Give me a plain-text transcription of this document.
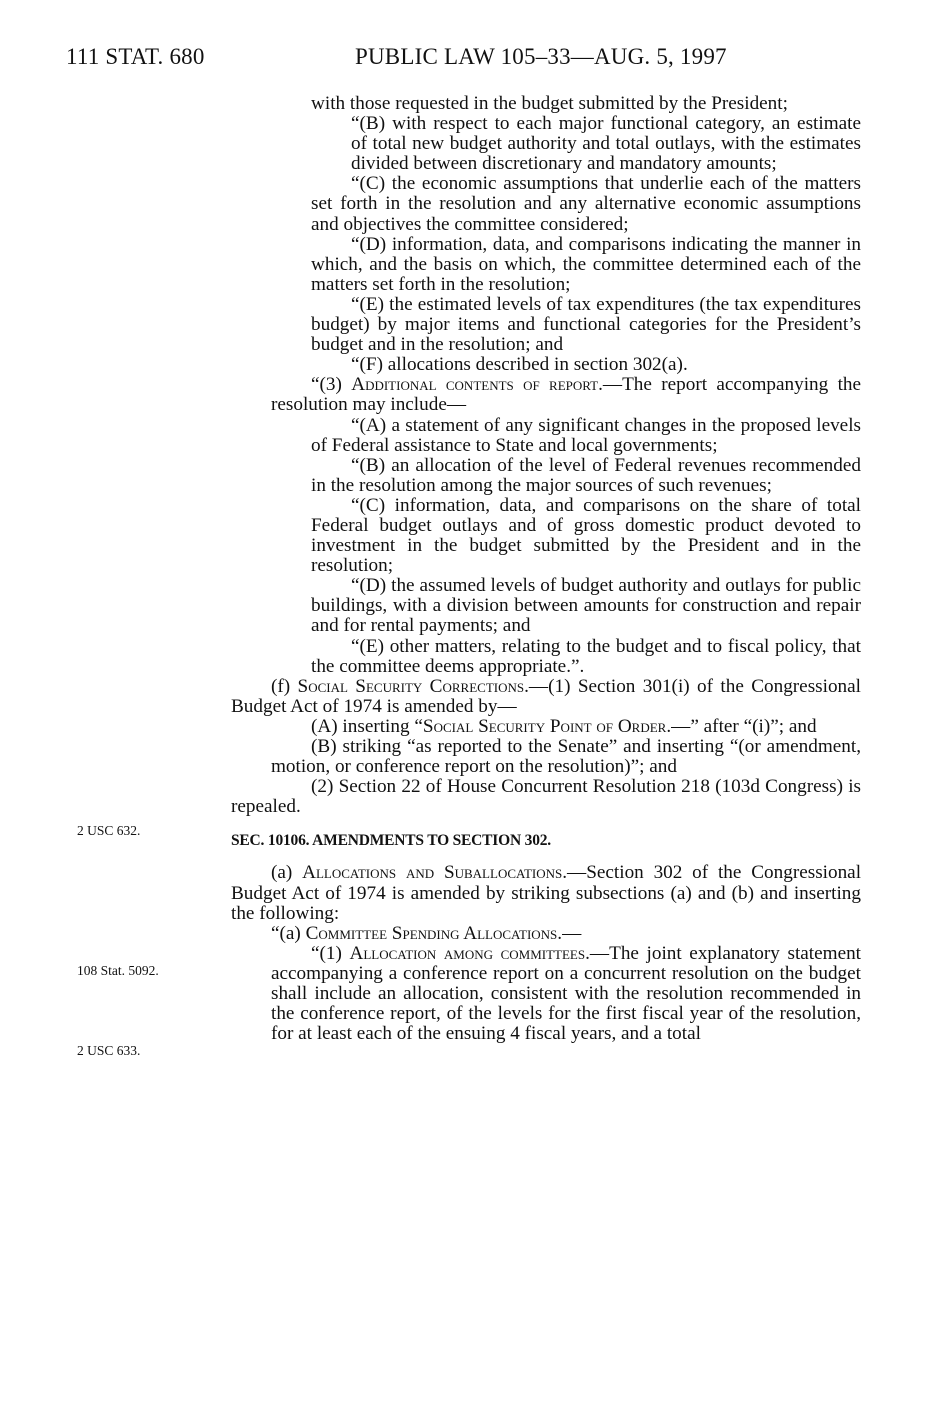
111 STAT. 680	PUBLIC LAW 105–33—AUG. 5, 1997
2 USC 632.
108 Stat. 5092.
2 USC 633.

with those requested in the budget submitted by the President;

“(B) with respect to each major functional category, an estimate of total new budget authority and total outlays, with the estimates divided between discretionary and mandatory amounts;

“(C) the economic assumptions that underlie each of the matters set forth in the resolution and any alternative economic assumptions and objectives the committee considered;

“(D) information, data, and comparisons indicating the manner in which, and the basis on which, the committee determined each of the matters set forth in the resolution;

“(E) the estimated levels of tax expenditures (the tax expenditures budget) by major items and functional categories for the President’s budget and in the resolution; and

“(F) allocations described in section 302(a).

“(3) Additional contents of report.—The report accompanying the resolution may include—

“(A) a statement of any significant changes in the proposed levels of Federal assistance to State and local governments;

“(B) an allocation of the level of Federal revenues recommended in the resolution among the major sources of such revenues;

“(C) information, data, and comparisons on the share of total Federal budget outlays and of gross domestic product devoted to investment in the budget submitted by the President and in the resolution;

“(D) the assumed levels of budget authority and outlays for public buildings, with a division between amounts for construction and repair and for rental payments; and

“(E) other matters, relating to the budget and to fiscal policy, that the committee deems appropriate.”.

(f) Social Security Corrections.—(1) Section 301(i) of the Congressional Budget Act of 1974 is amended by—

(A) inserting “Social Security Point of Order.—” after “(i)”; and

(B) striking “as reported to the Senate” and inserting “(or amendment, motion, or conference report on the resolution)”; and

(2) Section 22 of House Concurrent Resolution 218 (103d Congress) is repealed.

SEC. 10106. AMENDMENTS TO SECTION 302.

(a) Allocations and Suballocations.—Section 302 of the Congressional Budget Act of 1974 is amended by striking subsections (a) and (b) and inserting the following:

“(a) Committee Spending Allocations.—

“(1) Allocation among committees.—The joint explanatory statement accompanying a conference report on a concurrent resolution on the budget shall include an allocation, consistent with the resolution recommended in the conference report, of the levels for the first fiscal year of the resolution, for at least each of the ensuing 4 fiscal years, and a total
